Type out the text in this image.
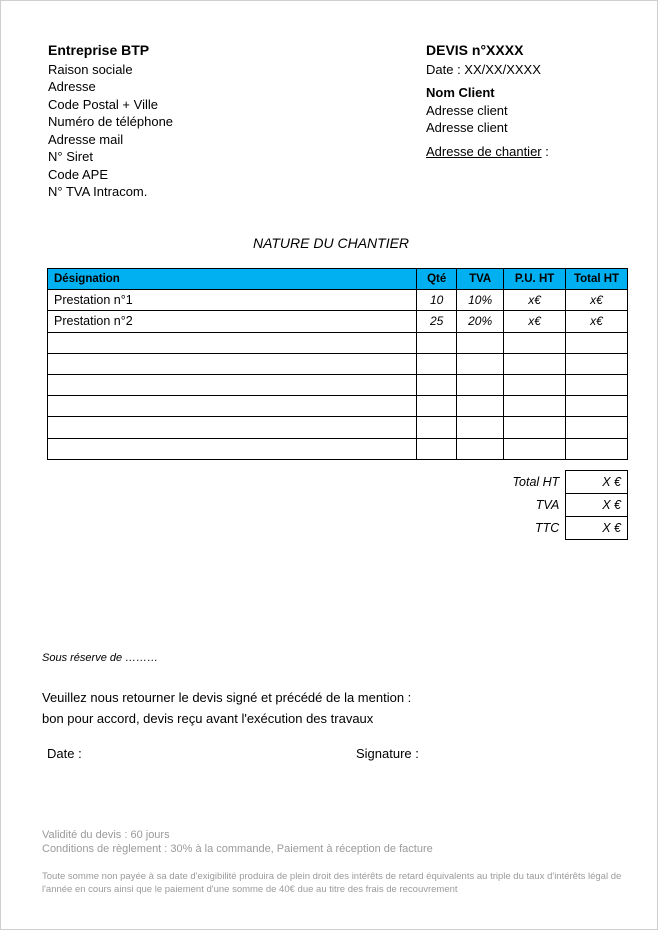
Entreprise BTP
Raison sociale
Adresse
Code Postal + Ville
Numéro de téléphone
Adresse mail
N° Siret
Code APE
N° TVA Intracom.
DEVIS n°XXXX
Date : XX/XX/XXXX
Nom Client
Adresse client
Adresse client
Adresse de chantier :
NATURE DU CHANTIER
Désignation	Qté	TVA	P.U. HT	Total HT
Prestation n°1	10	10%	x€	x€
Prestation n°2	25	20%	x€	x€

Total HT	X €
TVA	X €
TTC	X €
Sous réserve de ………
Veuillez nous retourner le devis signé et précédé de la mention :
bon pour accord, devis reçu avant l'exécution des travaux
Date :	Signature :
Validité du devis : 60 jours
Conditions de règlement : 30% à la commande, Paiement à réception de facture
Toute somme non payée à sa date d'exigibilité produira de plein droit des intérêts de retard équivalents au triple du taux d'intérêts légal de l'année en cours ainsi que le paiement d'une somme de 40€ due au titre des frais de recouvrement
